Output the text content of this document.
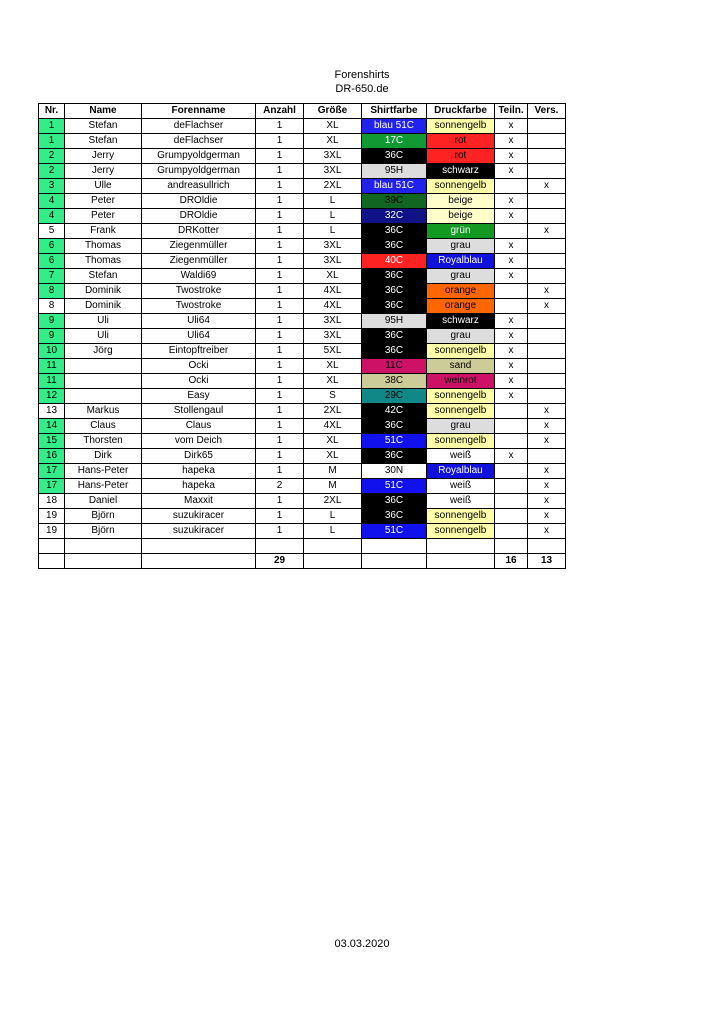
Forenshirts
DR-650.de
Nr.	Name	Forenname	Anzahl	Größe	Shirtfarbe	Druckfarbe	Teiln.	Vers.
1	Stefan	deFlachser	1	XL	blau 51C	sonnengelb	x	
1	Stefan	deFlachser	1	XL	17C	rot	x	
2	Jerry	Grumpyoldgerman	1	3XL	36C	rot	x	
2	Jerry	Grumpyoldgerman	1	3XL	95H	schwarz	x	
3	Ulle	andreasullrich	1	2XL	blau 51C	sonnengelb		x
4	Peter	DROldie	1	L	39C	beige	x	
4	Peter	DROldie	1	L	32C	beige	x	
5	Frank	DRKotter	1	L	36C	grün		x
6	Thomas	Ziegenmüller	1	3XL	36C	grau	x	
6	Thomas	Ziegenmüller	1	3XL	40C	Royalblau	x	
7	Stefan	Waldi69	1	XL	36C	grau	x	
8	Dominik	Twostroke	1	4XL	36C	orange		x
8	Dominik	Twostroke	1	4XL	36C	orange		x
9	Uli	Uli64	1	3XL	95H	schwarz	x	
9	Uli	Uli64	1	3XL	36C	grau	x	
10	Jörg	Eintopftreiber	1	5XL	36C	sonnengelb	x	
11		Ocki	1	XL	11C	sand	x	
11		Ocki	1	XL	38C	weinrot	x	
12		Easy	1	S	29C	sonnengelb	x	
13	Markus	Stollengaul	1	2XL	42C	sonnengelb		x
14	Claus	Claus	1	4XL	36C	grau		x
15	Thorsten	vom Deich	1	XL	51C	sonnengelb		x
16	Dirk	Dirk65	1	XL	36C	weiß	x	
17	Hans-Peter	hapeka	1	M	30N	Royalblau		x
17	Hans-Peter	hapeka	2	M	51C	weiß		x
18	Daniel	Maxxit	1	2XL	36C	weiß		x
19	Björn	suzukiracer	1	L	36C	sonnengelb		x
19	Björn	suzukiracer	1	L	51C	sonnengelb		x

			29				16	13
03.03.2020
